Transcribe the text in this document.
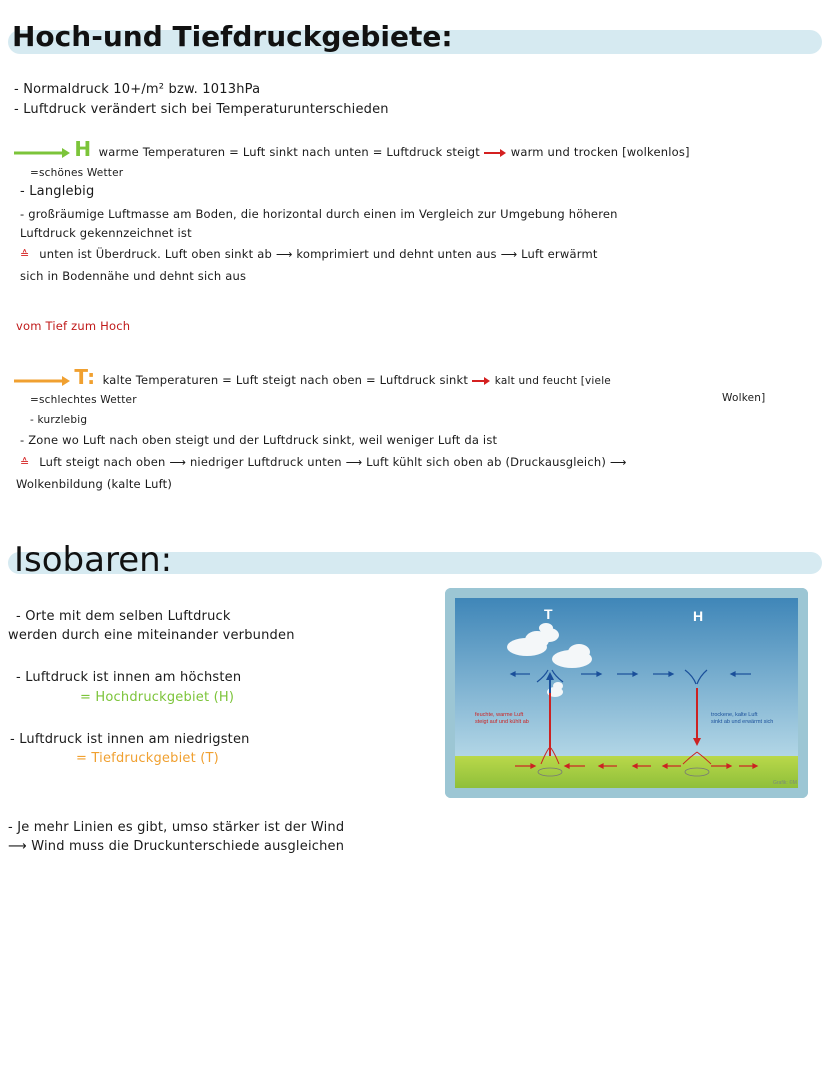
Hoch-und Tiefdruckgebiete:
- Normaldruck 10+/m² bzw. 1013hPa
- Luftdruck verändert sich bei Temperaturunterschieden
H warme Temperaturen = Luft sinkt nach unten = Luftdruck steigt	warm und trocken [wolkenlos]
=schönes Wetter
- Langlebig
- großräumige Luftmasse am Boden, die horizontal durch einen im Vergleich zur Umgebung höheren
Luftdruck gekennzeichnet ist
≙ unten ist Überdruck. Luft oben sinkt ab ⟶ komprimiert und dehnt unten aus ⟶ Luft erwärmt
sich in Bodennähe und dehnt sich aus
vom Tief zum Hoch
T: kalte Temperaturen = Luft steigt nach oben = Luftdruck sinkt	kalt und feucht [viele
Wolken]
=schlechtes Wetter
- kurzlebig
- Zone wo Luft nach oben steigt und der Luftdruck sinkt, weil weniger Luft da ist
≙ Luft steigt nach oben ⟶ niedriger Luftdruck unten ⟶ Luft kühlt sich oben ab (Druckausgleich) ⟶
Wolkenbildung (kalte Luft)
Isobaren:
- Orte mit dem selben Luftdruck
werden durch eine miteinander verbunden
- Luftdruck ist innen am höchsten
= Hochdruckgebiet (H)
- Luftdruck ist innen am niedrigsten
= Tiefdruckgebiet (T)
- Je mehr Linien es gibt, umso stärker ist der Wind
⟶ Wind muss die Druckunterschiede ausgleichen
T	H
feuchte, warme Luft
steigt auf und kühlt ab
trockene, kalte Luft
sinkt ab und erwärmt sich
Grafik: ©M
